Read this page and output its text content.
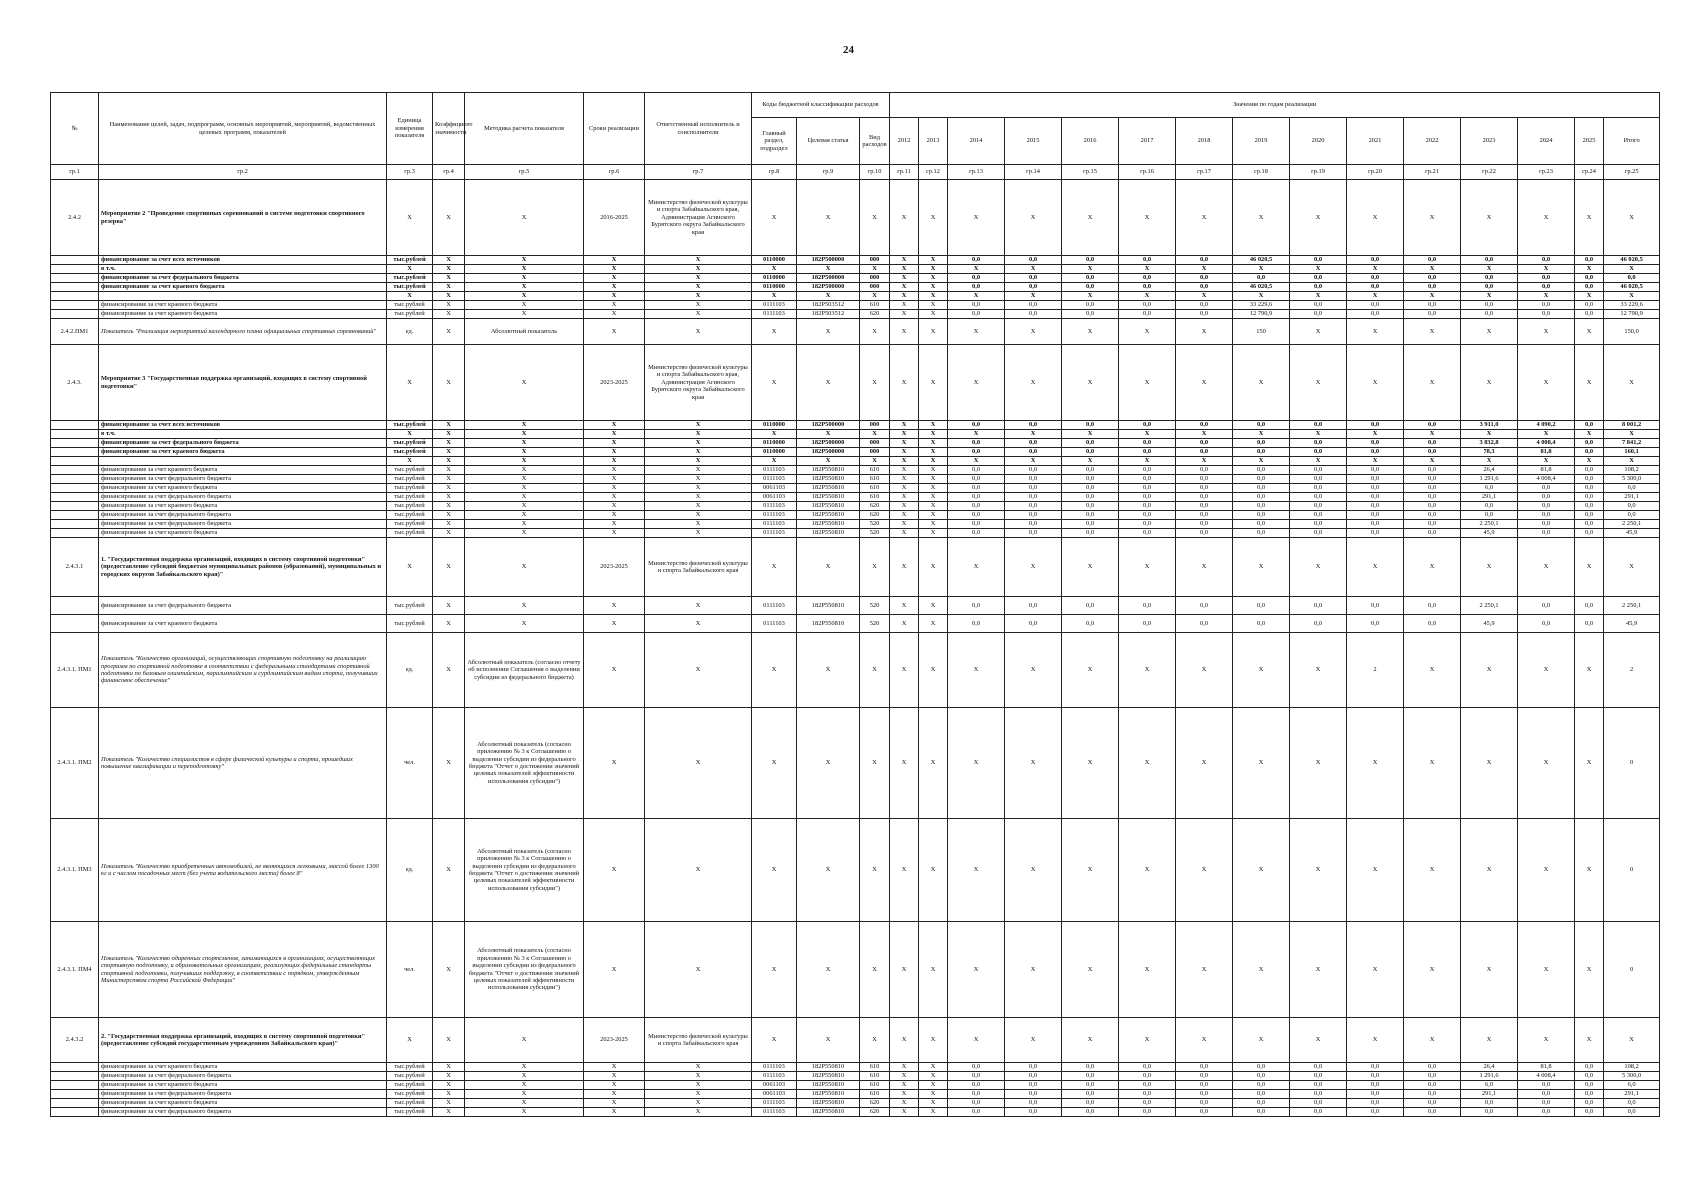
24
№	Наименование целей, задач, подпрограмм, основных мероприятий, мероприятий, ведомственных целевых программ, показателей	Единица измерения показателя	Коэффициент значимости	Методика расчета показателя	Сроки реализации	Ответственный исполнитель и соисполнители	Коды бюджетной классификации расходов			Значения по годам реализации														
							Главный раздел, подраздел	Целевая статья	Вид расходов	2012	2013	2014	2015	2016	2017	2018	2019	2020	2021	2022	2023	2024	2025	Итого
гр.1	гр.2	гр.3	гр.4	гр.5	гр.6	гр.7	гр.8	гр.9	гр.10	гр.11	гр.12	гр.13	гр.14	гр.15	гр.16	гр.17	гр.18	гр.19	гр.20	гр.21	гр.22	гр.23	гр.24	гр.25
2.4.2	Мероприятие 2 "Проведение спортивных соревнований в системе подготовки спортивного резерва"	Х	Х	Х	2016-2025	Министерство физической культуры и спорта Забайкальского края, Администрация Агинского Бурятского округа Забайкальского края	Х	Х	Х	Х	Х	Х	Х	Х	Х	Х	Х	Х	Х	Х	Х	Х	Х	Х
	финансирование за счет всех источников	тыс.рублей	Х	Х	Х	Х	0110000	182Р500000	000	Х	Х	0,0	0,0	0,0	0,0	0,0	46 020,5	0,0	0,0	0,0	0,0	0,0	0,0	46 020,5
	в т.ч.	Х	Х	Х	Х	Х	Х	Х	Х	Х	Х	Х	Х	Х	Х	Х	Х	Х	Х	Х	Х	Х	Х	Х
	финансирование за счет федерального бюджета	тыс.рублей	Х	Х	Х	Х	0110000	182Р500000	000	Х	Х	0,0	0,0	0,0	0,0	0,0	0,0	0,0	0,0	0,0	0,0	0,0	0,0	0,0
	финансирование за счет краевого бюджета	тыс.рублей	Х	Х	Х	Х	0110000	182Р500000	000	Х	Х	0,0	0,0	0,0	0,0	0,0	46 020,5	0,0	0,0	0,0	0,0	0,0	0,0	46 020,5
		Х	Х	Х	Х	Х	Х	Х	Х	Х	Х	Х	Х	Х	Х	Х	Х	Х	Х	Х	Х	Х	Х	Х
	финансирование за счет краевого бюджета	тыс.рублей	Х	Х	Х	Х	0111103	182Р503512	610	Х	Х	0,0	0,0	0,0	0,0	0,0	33 229,6	0,0	0,0	0,0	0,0	0,0	0,0	33 229,6
	финансирование за счет краевого бюджета	тыс.рублей	Х	Х	Х	Х	0111103	182Р503512	620	Х	Х	0,0	0,0	0,0	0,0	0,0	12 790,9	0,0	0,0	0,0	0,0	0,0	0,0	12 790,9
2.4.2.ПМ1	Показатель "Реализация мероприятий календарного плана официальных спортивных соревнований"	ед.	Х	Абсолютный показатель	Х	Х	Х	Х	Х	Х	Х	Х	Х	Х	Х	Х	150	Х	Х	Х	Х	Х	Х	150,0
2.4.3.	Мероприятие 3 "Государственная поддержка организаций, входящих в систему спортивной подготовки"	Х	Х	Х	2023-2025	Министерство физической культуры и спорта Забайкальского края, Администрация Агинского Бурятского округа Забайкальского края	Х	Х	Х	Х	Х	Х	Х	Х	Х	Х	Х	Х	Х	Х	Х	Х	Х	Х
	финансирование за счет всех источников	тыс.рублей	Х	Х	Х	Х	0110000	182Р500000	000	Х	Х	0,0	0,0	0,0	0,0	0,0	0,0	0,0	0,0	0,0	3 911,0	4 090,2	0,0	8 001,2
	в т.ч.	Х	Х	Х	Х	Х	Х	Х	Х	Х	Х	Х	Х	Х	Х	Х	Х	Х	Х	Х	Х	Х	Х	Х
	финансирование за счет федерального бюджета	тыс.рублей	Х	Х	Х	Х	0110000	182Р500000	000	Х	Х	0,0	0,0	0,0	0,0	0,0	0,0	0,0	0,0	0,0	3 832,8	4 008,4	0,0	7 841,2
	финансирование за счет краевого бюджета	тыс.рублей	Х	Х	Х	Х	0110000	182Р500000	000	Х	Х	0,0	0,0	0,0	0,0	0,0	0,0	0,0	0,0	0,0	78,3	81,8	0,0	160,1
		Х	Х	Х	Х	Х	Х	Х	Х	Х	Х	Х	Х	Х	Х	Х	Х	Х	Х	Х	Х	Х	Х	Х
	финансирование за счет краевого бюджета	тыс.рублей	Х	Х	Х	Х	0111103	182Р550810	610	Х	Х	0,0	0,0	0,0	0,0	0,0	0,0	0,0	0,0	0,0	26,4	81,8	0,0	108,2
	финансирование за счет федерального бюджета	тыс.рублей	Х	Х	Х	Х	0111103	182Р550810	610	Х	Х	0,0	0,0	0,0	0,0	0,0	0,0	0,0	0,0	0,0	1 291,6	4 008,4	0,0	5 300,0
	финансирование за счет краевого бюджета	тыс.рублей	Х	Х	Х	Х	0061103	182Р550810	610	Х	Х	0,0	0,0	0,0	0,0	0,0	0,0	0,0	0,0	0,0	6,0	0,0	0,0	6,0
	финансирование за счет федерального бюджета	тыс.рублей	Х	Х	Х	Х	0061103	182Р550810	610	Х	Х	0,0	0,0	0,0	0,0	0,0	0,0	0,0	0,0	0,0	291,1	0,0	0,0	291,1
	финансирование за счет краевого бюджета	тыс.рублей	Х	Х	Х	Х	0111103	182Р550810	620	Х	Х	0,0	0,0	0,0	0,0	0,0	0,0	0,0	0,0	0,0	0,0	0,0	0,0	0,0
	финансирование за счет федерального бюджета	тыс.рублей	Х	Х	Х	Х	0111103	182Р550810	620	Х	Х	0,0	0,0	0,0	0,0	0,0	0,0	0,0	0,0	0,0	0,0	0,0	0,0	0,0
	финансирование за счет федерального бюджета	тыс.рублей	Х	Х	Х	Х	0111103	182Р550810	520	Х	Х	0,0	0,0	0,0	0,0	0,0	0,0	0,0	0,0	0,0	2 250,1	0,0	0,0	2 250,1
	финансирование за счет краевого бюджета	тыс.рублей	Х	Х	Х	Х	0111103	182Р550810	520	Х	Х	0,0	0,0	0,0	0,0	0,0	0,0	0,0	0,0	0,0	45,9	0,0	0,0	45,9
2.4.3.1	1. "Государственная поддержка организаций, входящих в систему спортивной подготовки" (предоставление субсидий бюджетам муниципальных районов (образований), муниципальных и городских округов Забайкальского края)"	Х	Х	Х	2023-2025	Министерство физической культуры и спорта Забайкальского края	Х	Х	Х	Х	Х	Х	Х	Х	Х	Х	Х	Х	Х	Х	Х	Х	Х	Х
	финансирование за счет федерального бюджета	тыс.рублей	Х	Х	Х	Х	0111103	182Р550810	520	Х	Х	0,0	0,0	0,0	0,0	0,0	0,0	0,0	0,0	0,0	2 250,1	0,0	0,0	2 250,1
	финансирование за счет краевого бюджета	тыс.рублей	Х	Х	Х	Х	0111103	182Р550810	520	Х	Х	0,0	0,0	0,0	0,0	0,0	0,0	0,0	0,0	0,0	45,9	0,0	0,0	45,9
2.4.3.1. ПМ1	Показатель "Количество организаций, осуществляющих спортивную подготовку на реализацию программ по спортивной подготовке в соответствии с федеральными стандартами спортивной подготовки по базовым олимпийским, паралимпийским и сурдлимпийским видам спорта, получивших финансовое обеспечение"	ед.	Х	Абсолютный показатель (согласно отчету об исполнении Соглашения о выделении субсидии из федерального бюджета)	Х	Х	Х	Х	Х	Х	Х	Х	Х	Х	Х	Х	Х	Х	2	Х	Х	Х	Х	2
2.4.3.1. ПМ2	Показатель "Количество специалистов в сфере физической культуры и спорта, прошедших повышение квалификации и переподготовку"	чел.	Х	Абсолютный показатель (согласно приложению № 3 к Соглашению о выделении субсидии из федерального бюджета "Отчет о достижении значений целевых показателей эффективности использования субсидии")	Х	Х	Х	Х	Х	Х	Х	Х	Х	Х	Х	Х	Х	Х	Х	Х	Х	Х	Х	0
2.4.3.1. ПМ3	Показатель "Количество приобретенных автомобилей, не являющихся легковыми, массой более 1300 кг и с числом посадочных мест (без учета водительского места) более 8"	ед.	Х	Абсолютный показатель (согласно приложению № 3 к Соглашению о выделении субсидии из федерального бюджета "Отчет о достижении значений целевых показателей эффективности использования субсидии")	Х	Х	Х	Х	Х	Х	Х	Х	Х	Х	Х	Х	Х	Х	Х	Х	Х	Х	Х	0
2.4.3.1. ПМ4	Показатель "Количество одаренных спортсменов, занимающихся в организациях, осуществляющих спортивную подготовку, и образовательных организациях, реализующих федеральные стандарты спортивной подготовки, получивших поддержку, в соответствии с порядком, утвержденным Министерством спорта Российской Федерации"	чел.	Х	Абсолютный показатель (согласно приложению № 3 к Соглашению о выделении субсидии из федерального бюджета "Отчет о достижении значений целевых показателей эффективности использования субсидии")	Х	Х	Х	Х	Х	Х	Х	Х	Х	Х	Х	Х	Х	Х	Х	Х	Х	Х	Х	0
2.4.3.2	2. "Государственная поддержка организаций, входящих в систему спортивной подготовки" (предоставление субсидий государственным учреждениям Забайкальского края)"	Х	Х	Х	2023-2025	Министерство физической культуры и спорта Забайкальского края	Х	Х	Х	Х	Х	Х	Х	Х	Х	Х	Х	Х	Х	Х	Х	Х	Х	Х
	финансирование за счет краевого бюджета	тыс.рублей	Х	Х	Х	Х	0111103	182Р550810	610	Х	Х	0,0	0,0	0,0	0,0	0,0	0,0	0,0	0,0	0,0	26,4	81,8	0,0	108,2
	финансирование за счет федерального бюджета	тыс.рублей	Х	Х	Х	Х	0111103	182Р550810	610	Х	Х	0,0	0,0	0,0	0,0	0,0	0,0	0,0	0,0	0,0	1 291,6	4 008,4	0,0	5 300,0
	финансирование за счет краевого бюджета	тыс.рублей	Х	Х	Х	Х	0061103	182Р550810	610	Х	Х	0,0	0,0	0,0	0,0	0,0	0,0	0,0	0,0	0,0	6,0	0,0	0,0	6,0
	финансирование за счет федерального бюджета	тыс.рублей	Х	Х	Х	Х	0061103	182Р550810	610	Х	Х	0,0	0,0	0,0	0,0	0,0	0,0	0,0	0,0	0,0	291,1	0,0	0,0	291,1
	финансирование за счет краевого бюджета	тыс.рублей	Х	Х	Х	Х	0111103	182Р550810	620	Х	Х	0,0	0,0	0,0	0,0	0,0	0,0	0,0	0,0	0,0	0,0	0,0	0,0	0,0
	финансирование за счет федерального бюджета	тыс.рублей	Х	Х	Х	Х	0111103	182Р550810	620	Х	Х	0,0	0,0	0,0	0,0	0,0	0,0	0,0	0,0	0,0	0,0	0,0	0,0	0,0
